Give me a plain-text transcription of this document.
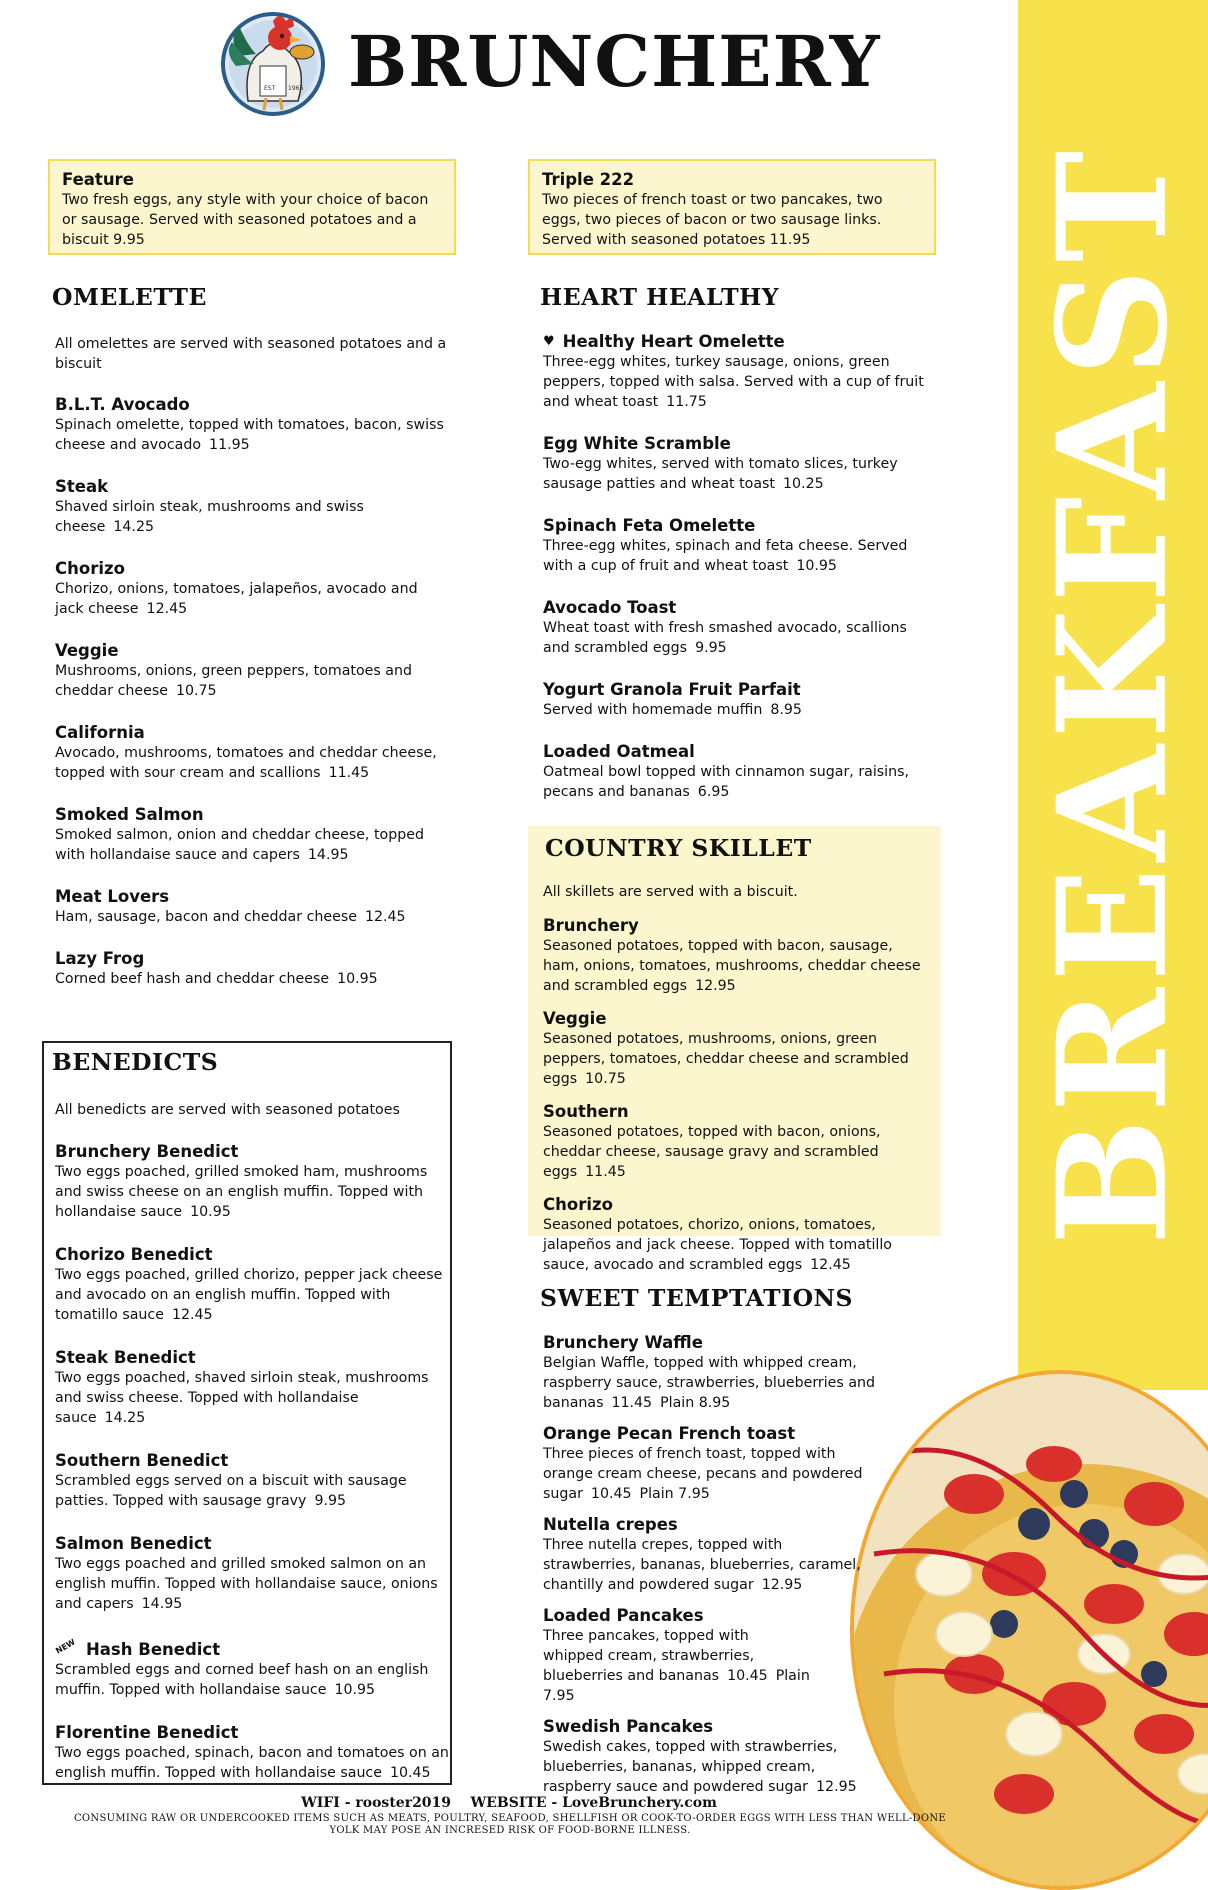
EST 1966 BRUNCHERY
BREAKFAST
Feature
Two fresh eggs, any style with your choice of bacon or sausage. Served with seasoned potatoes and a biscuit 9.95
Triple 222
Two pieces of french toast or two pancakes, two eggs, two pieces of bacon or two sausage links. Served with seasoned potatoes 11.95
OMELETTE
All omelettes are served with seasoned potatoes and a biscuit
B.L.T. Avocado
Spinach omelette, topped with tomatoes, bacon, swiss cheese and avocado 11.95
Steak
Shaved sirloin steak, mushrooms and swiss cheese 14.25
Chorizo
Chorizo, onions, tomatoes, jalapeños, avocado and jack cheese 12.45
Veggie
Mushrooms, onions, green peppers, tomatoes and cheddar cheese 10.75
California
Avocado, mushrooms, tomatoes and cheddar cheese, topped with sour cream and scallions 11.45
Smoked Salmon
Smoked salmon, onion and cheddar cheese, topped with hollandaise sauce and capers 14.95
Meat Lovers
Ham, sausage, bacon and cheddar cheese 12.45
Lazy Frog
Corned beef hash and cheddar cheese 10.95
BENEDICTS
All benedicts are served with seasoned potatoes
Brunchery Benedict
Two eggs poached, grilled smoked ham, mushrooms and swiss cheese on an english muffin. Topped with hollandaise sauce 10.95
Chorizo Benedict
Two eggs poached, grilled chorizo, pepper jack cheese and avocado on an english muffin. Topped with tomatillo sauce 12.45
Steak Benedict
Two eggs poached, shaved sirloin steak, mushrooms and swiss cheese. Topped with hollandaise sauce 14.25
Southern Benedict
Scrambled eggs served on a biscuit with sausage patties. Topped with sausage gravy 9.95
Salmon Benedict
Two eggs poached and grilled smoked salmon on an english muffin. Topped with hollandaise sauce, onions and capers 14.95
NEW Hash Benedict
Scrambled eggs and corned beef hash on an english muffin. Topped with hollandaise sauce 10.95
Florentine Benedict
Two eggs poached, spinach, bacon and tomatoes on an english muffin. Topped with hollandaise sauce 10.45
HEART HEALTHY
♥ Healthy Heart Omelette
Three-egg whites, turkey sausage, onions, green peppers, topped with salsa. Served with a cup of fruit and wheat toast 11.75
Egg White Scramble
Two-egg whites, served with tomato slices, turkey sausage patties and wheat toast 10.25
Spinach Feta Omelette
Three-egg whites, spinach and feta cheese. Served with a cup of fruit and wheat toast 10.95
Avocado Toast
Wheat toast with fresh smashed avocado, scallions and scrambled eggs 9.95
Yogurt Granola Fruit Parfait
Served with homemade muffin 8.95
Loaded Oatmeal
Oatmeal bowl topped with cinnamon sugar, raisins, pecans and bananas 6.95
COUNTRY SKILLET
All skillets are served with a biscuit.
Brunchery
Seasoned potatoes, topped with bacon, sausage, ham, onions, tomatoes, mushrooms, cheddar cheese and scrambled eggs 12.95
Veggie
Seasoned potatoes, mushrooms, onions, green peppers, tomatoes, cheddar cheese and scrambled eggs 10.75
Southern
Seasoned potatoes, topped with bacon, onions, cheddar cheese, sausage gravy and scrambled eggs 11.45
Chorizo
Seasoned potatoes, chorizo, onions, tomatoes, jalapeños and jack cheese. Topped with tomatillo sauce, avocado and scrambled eggs 12.45
SWEET TEMPTATIONS
Brunchery Waffle
Belgian Waffle, topped with whipped cream, raspberry sauce, strawberries, blueberries and bananas 11.45 Plain 8.95
Orange Pecan French toast
Three pieces of french toast, topped with orange cream cheese, pecans and powdered sugar 10.45 Plain 7.95
Nutella crepes
Three nutella crepes, topped with strawberries, bananas, blueberries, caramel, chantilly and powdered sugar 12.95
Loaded Pancakes
Three pancakes, topped with whipped cream, strawberries, blueberries and bananas 10.45 Plain 7.95
Swedish Pancakes
Swedish cakes, topped with strawberries, blueberries, bananas, whipped cream, raspberry sauce and powdered sugar 12.95
WIFI - rooster2019 WEBSITE - LoveBrunchery.com
CONSUMING RAW OR UNDERCOOKED ITEMS SUCH AS MEATS, POULTRY, SEAFOOD, SHELLFISH OR COOK-TO-ORDER EGGS WITH LESS THAN WELL-DONE YOLK MAY POSE AN INCRESED RISK OF FOOD-BORNE ILLNESS.
